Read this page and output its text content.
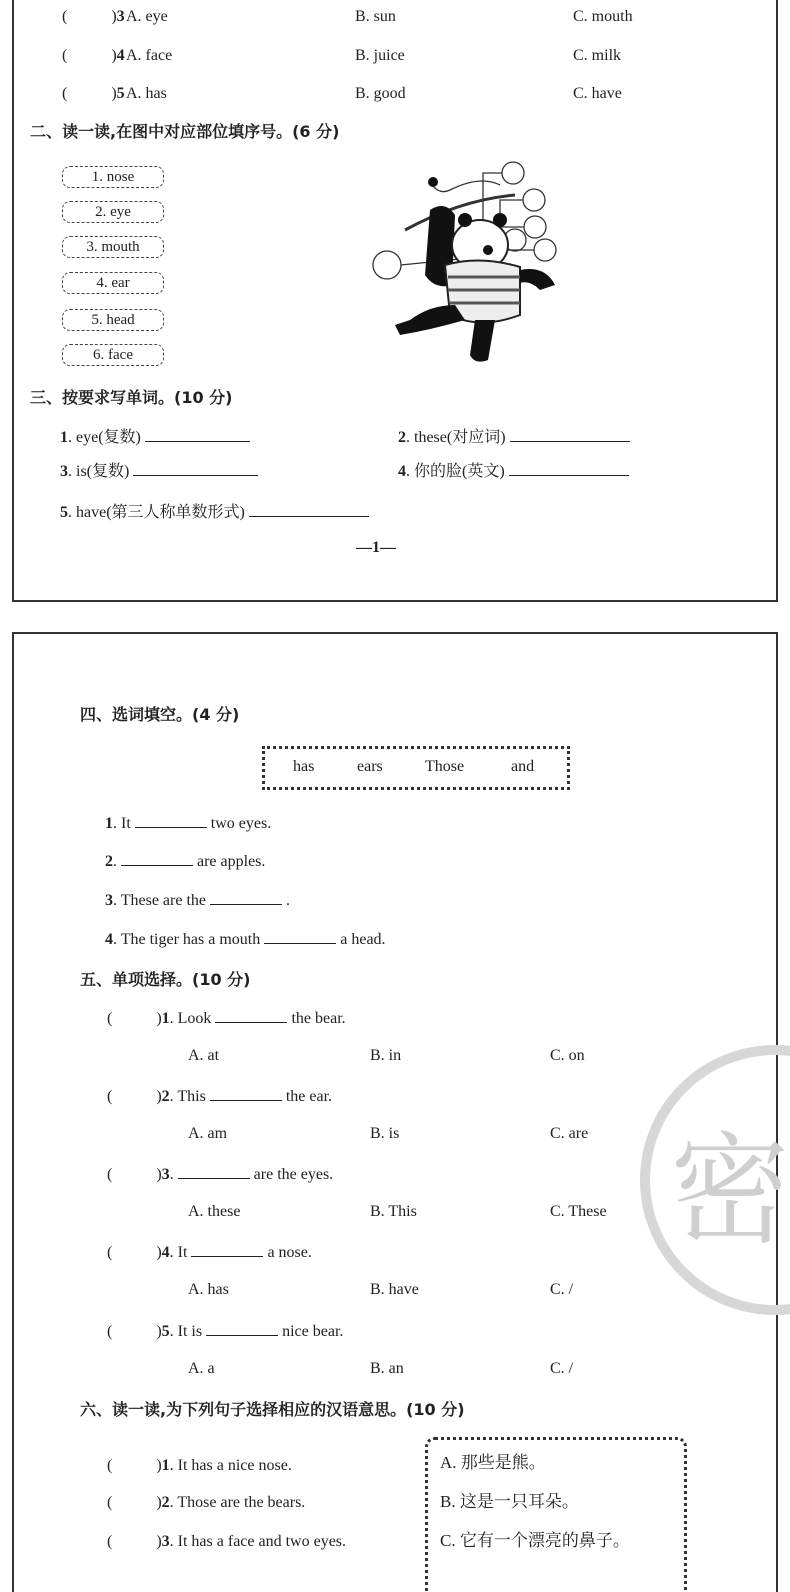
密
二、读一读,在图中对应部位填序号。(6 分)
三、按要求写单词。(10 分)
—1—
四、选词填空。(4 分)
has	ears	Those	and
五、单项选择。(10 分)
六、读一读,为下列句子选择相应的汉语意思。(10 分)
(	)3 A. eye	B. sun	C. mouth
(	)4 A. face	B. juice	C. milk
(	)5 A. has	B. good	C. have
1. nose
2. eye
3. mouth
4. ear
5. head
6. face
1. eye(复数)	2. these(对应词)
3. is(复数)	4. 你的脸(英文)
5. have(第三人称单数形式)
1. It	two eyes.
2.	are apples.
3. These are the	.
4. The tiger has a mouth	a head.
(	)1. Look	the bear.
A. at	B. in	C. on
(	)2. This	the ear.
A. am	B. is	C. are
(	)3.	are the eyes.
A. these	B. This	C. These
(	)4. It	a nose.
A. has	B. have	C. /
(	)5. It is	nice bear.
A. a	B. an	C. /
(	)1. It has a nice nose.
(	)2. Those are the bears.
(	)3. It has a face and two eyes.
A. 那些是熊。
B. 这是一只耳朵。
C. 它有一个漂亮的鼻子。
